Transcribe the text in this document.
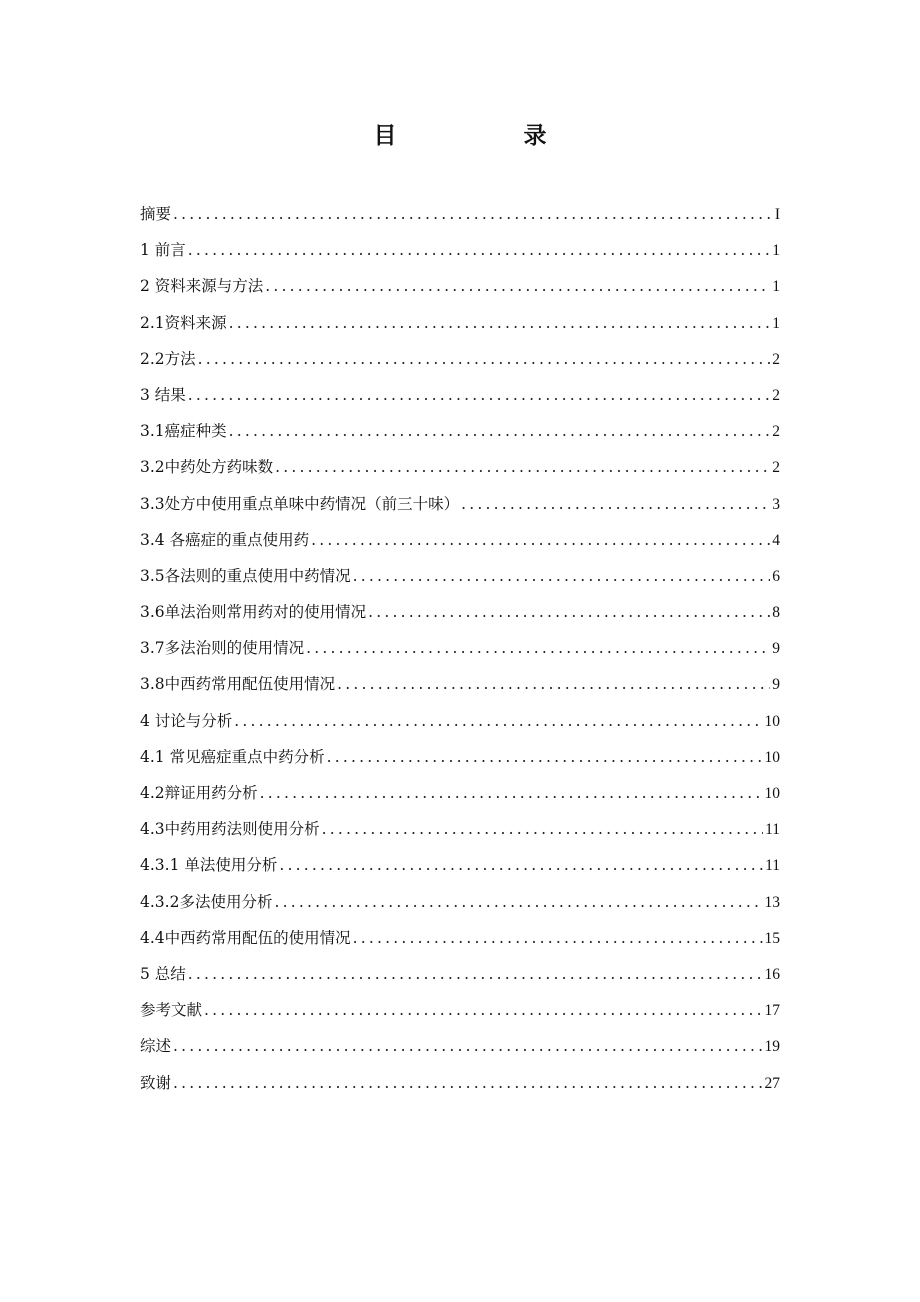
目　录
摘要 .....	I
1 前言 .....	1
2 资料来源与方法 .....	1
2.1资料来源 .....	1
2.2方法 .....	2
3 结果 .....	2
3.1癌症种类 .....	2
3.2中药处方药味数 .....	2
3.3处方中使用重点单味中药情况（前三十味） .....	3
3.4 各癌症的重点使用药 .....	4
3.5各法则的重点使用中药情况 .....	6
3.6单法治则常用药对的使用情况 .....	8
3.7多法治则的使用情况 .....	9
3.8中西药常用配伍使用情况 .....	9
4 讨论与分析 .....	10
4.1 常见癌症重点中药分析 .....	10
4.2辩证用药分析 .....	10
4.3中药用药法则使用分析 .....	11
4.3.1 单法使用分析 .....	11
4.3.2多法使用分析 .....	13
4.4中西药常用配伍的使用情况 .....	15
5 总结 .....	16
参考文献 .....	17
综述 .....	19
致谢 .....	27
